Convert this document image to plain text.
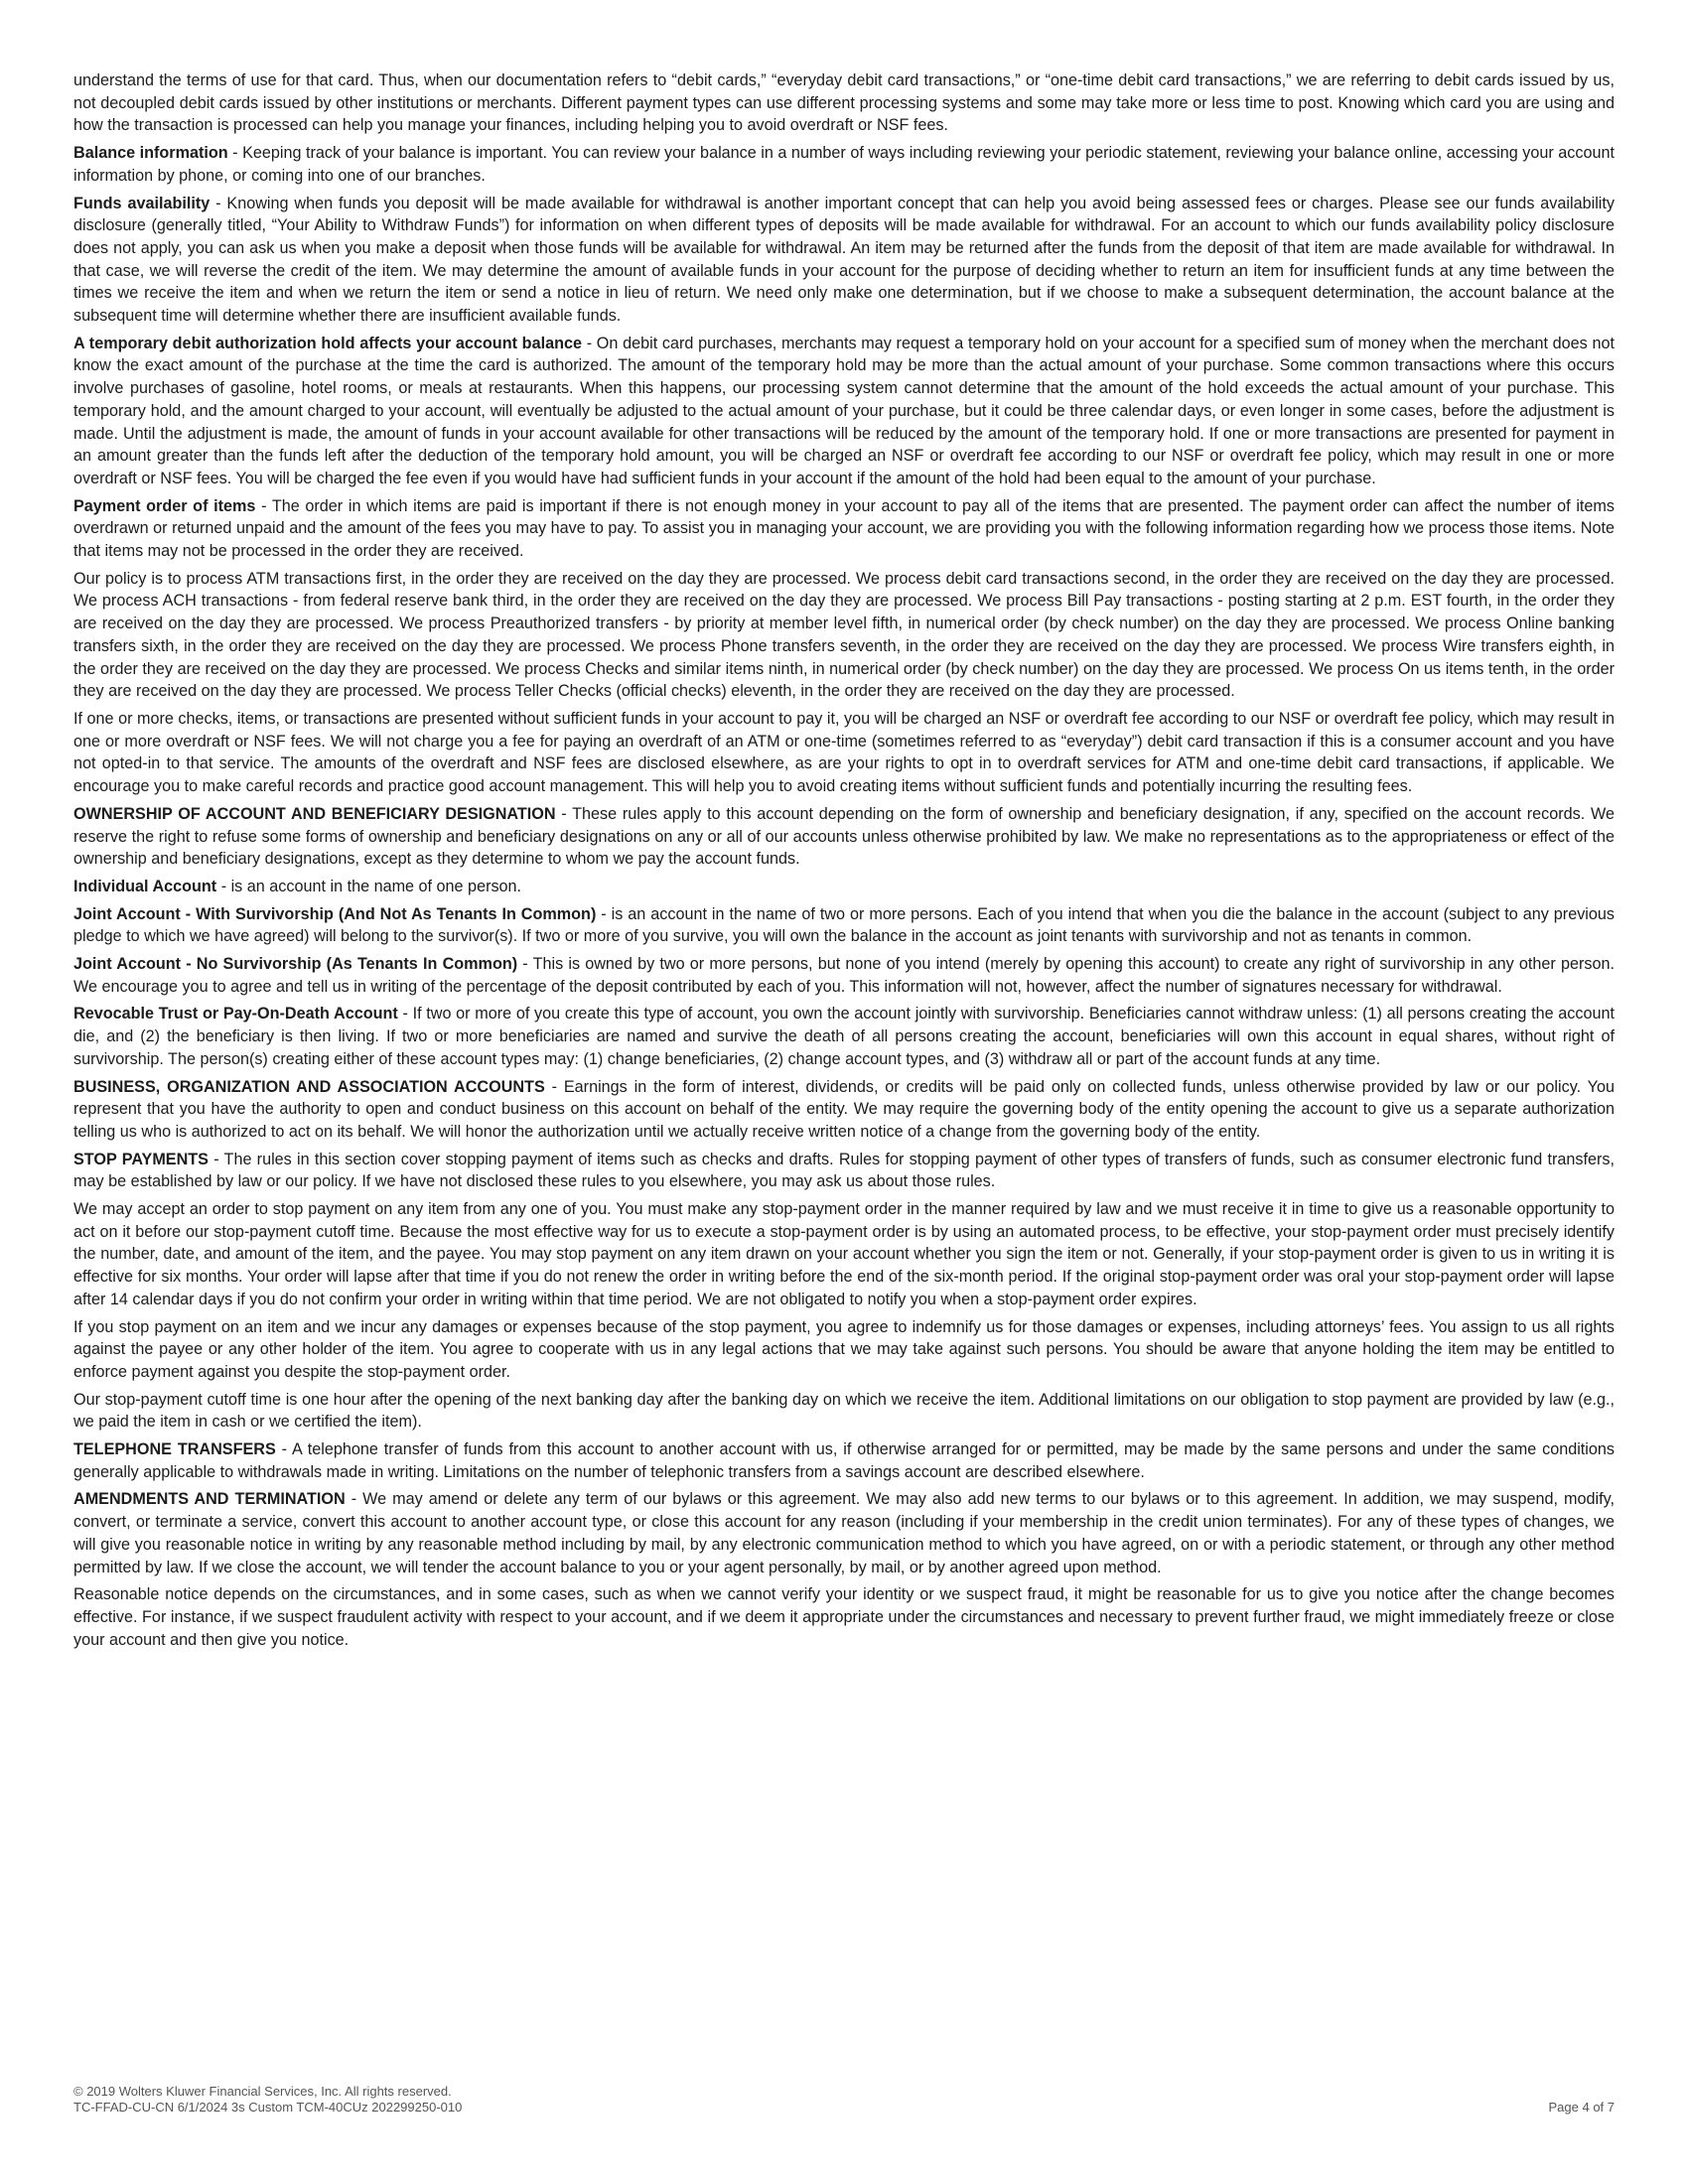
understand the terms of use for that card. Thus, when our documentation refers to “debit cards,” “everyday debit card transactions,” or “one-time debit card transactions,” we are referring to debit cards issued by us, not decoupled debit cards issued by other institutions or merchants. Different payment types can use different processing systems and some may take more or less time to post. Knowing which card you are using and how the transaction is processed can help you manage your finances, including helping you to avoid overdraft or NSF fees.

Balance information - Keeping track of your balance is important. You can review your balance in a number of ways including reviewing your periodic statement, reviewing your balance online, accessing your account information by phone, or coming into one of our branches.

Funds availability - Knowing when funds you deposit will be made available for withdrawal is another important concept that can help you avoid being assessed fees or charges. Please see our funds availability disclosure (generally titled, “Your Ability to Withdraw Funds”) for information on when different types of deposits will be made available for withdrawal. For an account to which our funds availability policy disclosure does not apply, you can ask us when you make a deposit when those funds will be available for withdrawal. An item may be returned after the funds from the deposit of that item are made available for withdrawal. In that case, we will reverse the credit of the item. We may determine the amount of available funds in your account for the purpose of deciding whether to return an item for insufficient funds at any time between the times we receive the item and when we return the item or send a notice in lieu of return. We need only make one determination, but if we choose to make a subsequent determination, the account balance at the subsequent time will determine whether there are insufficient available funds.

A temporary debit authorization hold affects your account balance - On debit card purchases, merchants may request a temporary hold on your account for a specified sum of money when the merchant does not know the exact amount of the purchase at the time the card is authorized. The amount of the temporary hold may be more than the actual amount of your purchase. Some common transactions where this occurs involve purchases of gasoline, hotel rooms, or meals at restaurants. When this happens, our processing system cannot determine that the amount of the hold exceeds the actual amount of your purchase. This temporary hold, and the amount charged to your account, will eventually be adjusted to the actual amount of your purchase, but it could be three calendar days, or even longer in some cases, before the adjustment is made. Until the adjustment is made, the amount of funds in your account available for other transactions will be reduced by the amount of the temporary hold. If one or more transactions are presented for payment in an amount greater than the funds left after the deduction of the temporary hold amount, you will be charged an NSF or overdraft fee according to our NSF or overdraft fee policy, which may result in one or more overdraft or NSF fees. You will be charged the fee even if you would have had sufficient funds in your account if the amount of the hold had been equal to the amount of your purchase.

Payment order of items - The order in which items are paid is important if there is not enough money in your account to pay all of the items that are presented. The payment order can affect the number of items overdrawn or returned unpaid and the amount of the fees you may have to pay. To assist you in managing your account, we are providing you with the following information regarding how we process those items. Note that items may not be processed in the order they are received.

Our policy is to process ATM transactions first, in the order they are received on the day they are processed. We process debit card transactions second, in the order they are received on the day they are processed. We process ACH transactions - from federal reserve bank third, in the order they are received on the day they are processed. We process Bill Pay transactions - posting starting at 2 p.m. EST fourth, in the order they are received on the day they are processed. We process Preauthorized transfers - by priority at member level fifth, in numerical order (by check number) on the day they are processed. We process Online banking transfers sixth, in the order they are received on the day they are processed. We process Phone transfers seventh, in the order they are received on the day they are processed. We process Wire transfers eighth, in the order they are received on the day they are processed. We process Checks and similar items ninth, in numerical order (by check number) on the day they are processed. We process On us items tenth, in the order they are received on the day they are processed. We process Teller Checks (official checks) eleventh, in the order they are received on the day they are processed.

If one or more checks, items, or transactions are presented without sufficient funds in your account to pay it, you will be charged an NSF or overdraft fee according to our NSF or overdraft fee policy, which may result in one or more overdraft or NSF fees. We will not charge you a fee for paying an overdraft of an ATM or one-time (sometimes referred to as “everyday”) debit card transaction if this is a consumer account and you have not opted-in to that service. The amounts of the overdraft and NSF fees are disclosed elsewhere, as are your rights to opt in to overdraft services for ATM and one-time debit card transactions, if applicable. We encourage you to make careful records and practice good account management. This will help you to avoid creating items without sufficient funds and potentially incurring the resulting fees.

OWNERSHIP OF ACCOUNT AND BENEFICIARY DESIGNATION - These rules apply to this account depending on the form of ownership and beneficiary designation, if any, specified on the account records. We reserve the right to refuse some forms of ownership and beneficiary designations on any or all of our accounts unless otherwise prohibited by law. We make no representations as to the appropriateness or effect of the ownership and beneficiary designations, except as they determine to whom we pay the account funds.

Individual Account - is an account in the name of one person.

Joint Account - With Survivorship (And Not As Tenants In Common) - is an account in the name of two or more persons. Each of you intend that when you die the balance in the account (subject to any previous pledge to which we have agreed) will belong to the survivor(s). If two or more of you survive, you will own the balance in the account as joint tenants with survivorship and not as tenants in common.

Joint Account - No Survivorship (As Tenants In Common) - This is owned by two or more persons, but none of you intend (merely by opening this account) to create any right of survivorship in any other person. We encourage you to agree and tell us in writing of the percentage of the deposit contributed by each of you. This information will not, however, affect the number of signatures necessary for withdrawal.

Revocable Trust or Pay-On-Death Account - If two or more of you create this type of account, you own the account jointly with survivorship. Beneficiaries cannot withdraw unless: (1) all persons creating the account die, and (2) the beneficiary is then living. If two or more beneficiaries are named and survive the death of all persons creating the account, beneficiaries will own this account in equal shares, without right of survivorship. The person(s) creating either of these account types may: (1) change beneficiaries, (2) change account types, and (3) withdraw all or part of the account funds at any time.

BUSINESS, ORGANIZATION AND ASSOCIATION ACCOUNTS - Earnings in the form of interest, dividends, or credits will be paid only on collected funds, unless otherwise provided by law or our policy. You represent that you have the authority to open and conduct business on this account on behalf of the entity. We may require the governing body of the entity opening the account to give us a separate authorization telling us who is authorized to act on its behalf. We will honor the authorization until we actually receive written notice of a change from the governing body of the entity.

STOP PAYMENTS - The rules in this section cover stopping payment of items such as checks and drafts. Rules for stopping payment of other types of transfers of funds, such as consumer electronic fund transfers, may be established by law or our policy. If we have not disclosed these rules to you elsewhere, you may ask us about those rules.

We may accept an order to stop payment on any item from any one of you. You must make any stop-payment order in the manner required by law and we must receive it in time to give us a reasonable opportunity to act on it before our stop-payment cutoff time. Because the most effective way for us to execute a stop-payment order is by using an automated process, to be effective, your stop-payment order must precisely identify the number, date, and amount of the item, and the payee. You may stop payment on any item drawn on your account whether you sign the item or not. Generally, if your stop-payment order is given to us in writing it is effective for six months. Your order will lapse after that time if you do not renew the order in writing before the end of the six-month period. If the original stop-payment order was oral your stop-payment order will lapse after 14 calendar days if you do not confirm your order in writing within that time period. We are not obligated to notify you when a stop-payment order expires.

If you stop payment on an item and we incur any damages or expenses because of the stop payment, you agree to indemnify us for those damages or expenses, including attorneys’ fees. You assign to us all rights against the payee or any other holder of the item. You agree to cooperate with us in any legal actions that we may take against such persons. You should be aware that anyone holding the item may be entitled to enforce payment against you despite the stop-payment order.

Our stop-payment cutoff time is one hour after the opening of the next banking day after the banking day on which we receive the item. Additional limitations on our obligation to stop payment are provided by law (e.g., we paid the item in cash or we certified the item).

TELEPHONE TRANSFERS - A telephone transfer of funds from this account to another account with us, if otherwise arranged for or permitted, may be made by the same persons and under the same conditions generally applicable to withdrawals made in writing. Limitations on the number of telephonic transfers from a savings account are described elsewhere.

AMENDMENTS AND TERMINATION - We may amend or delete any term of our bylaws or this agreement. We may also add new terms to our bylaws or to this agreement. In addition, we may suspend, modify, convert, or terminate a service, convert this account to another account type, or close this account for any reason (including if your membership in the credit union terminates). For any of these types of changes, we will give you reasonable notice in writing by any reasonable method including by mail, by any electronic communication method to which you have agreed, on or with a periodic statement, or through any other method permitted by law. If we close the account, we will tender the account balance to you or your agent personally, by mail, or by another agreed upon method.

Reasonable notice depends on the circumstances, and in some cases, such as when we cannot verify your identity or we suspect fraud, it might be reasonable for us to give you notice after the change becomes effective. For instance, if we suspect fraudulent activity with respect to your account, and if we deem it appropriate under the circumstances and necessary to prevent further fraud, we might immediately freeze or close your account and then give you notice.

© 2019 Wolters Kluwer Financial Services, Inc. All rights reserved.
TC-FFAD-CU-CN 6/1/2024 3s Custom TCM-40CUz 202299250-010	Page 4 of 7
